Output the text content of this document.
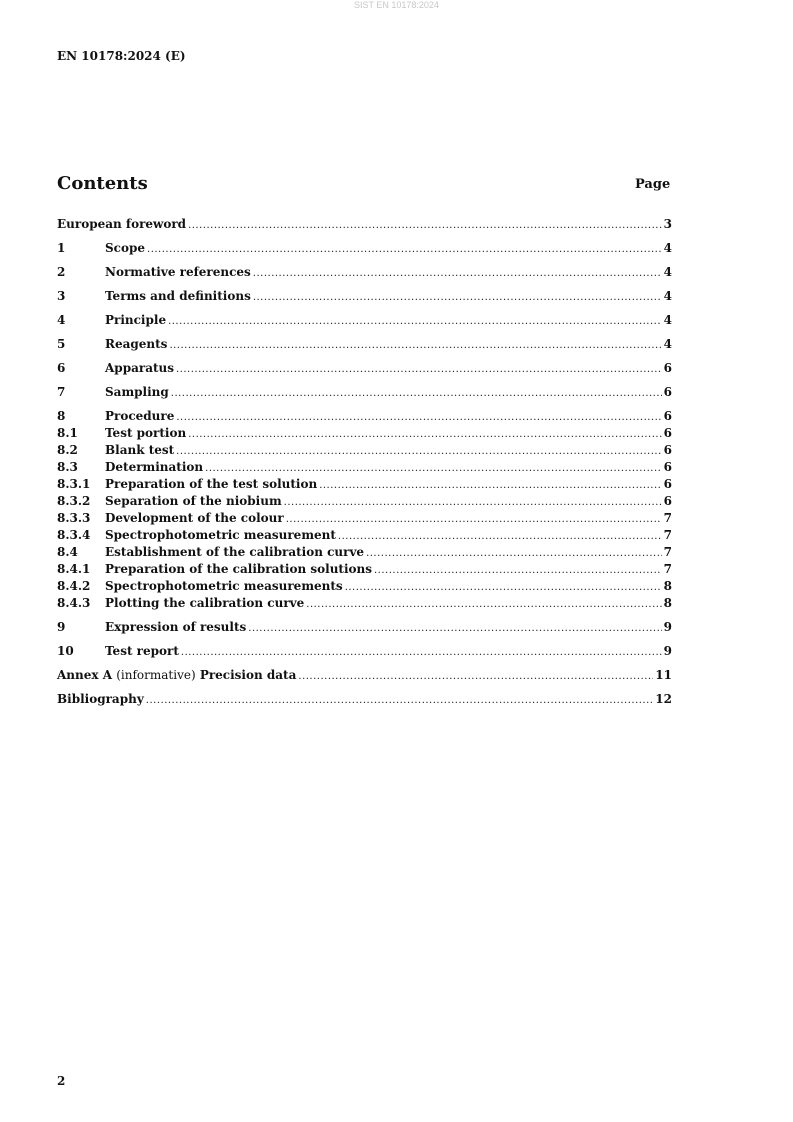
SIST EN 10178:2024
EN 10178:2024 (E)
Contents	Page
European foreword .....	3
1	Scope .....	4
2	Normative references .....	4
3	Terms and definitions .....	4
4	Principle .....	4
5	Reagents .....	4
6	Apparatus .....	6
7	Sampling .....	6
8	Procedure .....	6
8.1	Test portion .....	6
8.2	Blank test .....	6
8.3	Determination .....	6
8.3.1	Preparation of the test solution .....	6
8.3.2	Separation of the niobium .....	6
8.3.3	Development of the colour .....	7
8.3.4	Spectrophotometric measurement .....	7
8.4	Establishment of the calibration curve .....	7
8.4.1	Preparation of the calibration solutions .....	7
8.4.2	Spectrophotometric measurements .....	8
8.4.3	Plotting the calibration curve .....	8
9	Expression of results .....	9
10	Test report .....	9
Annex A (informative) Precision data .....	11
Bibliography .....	12
2
